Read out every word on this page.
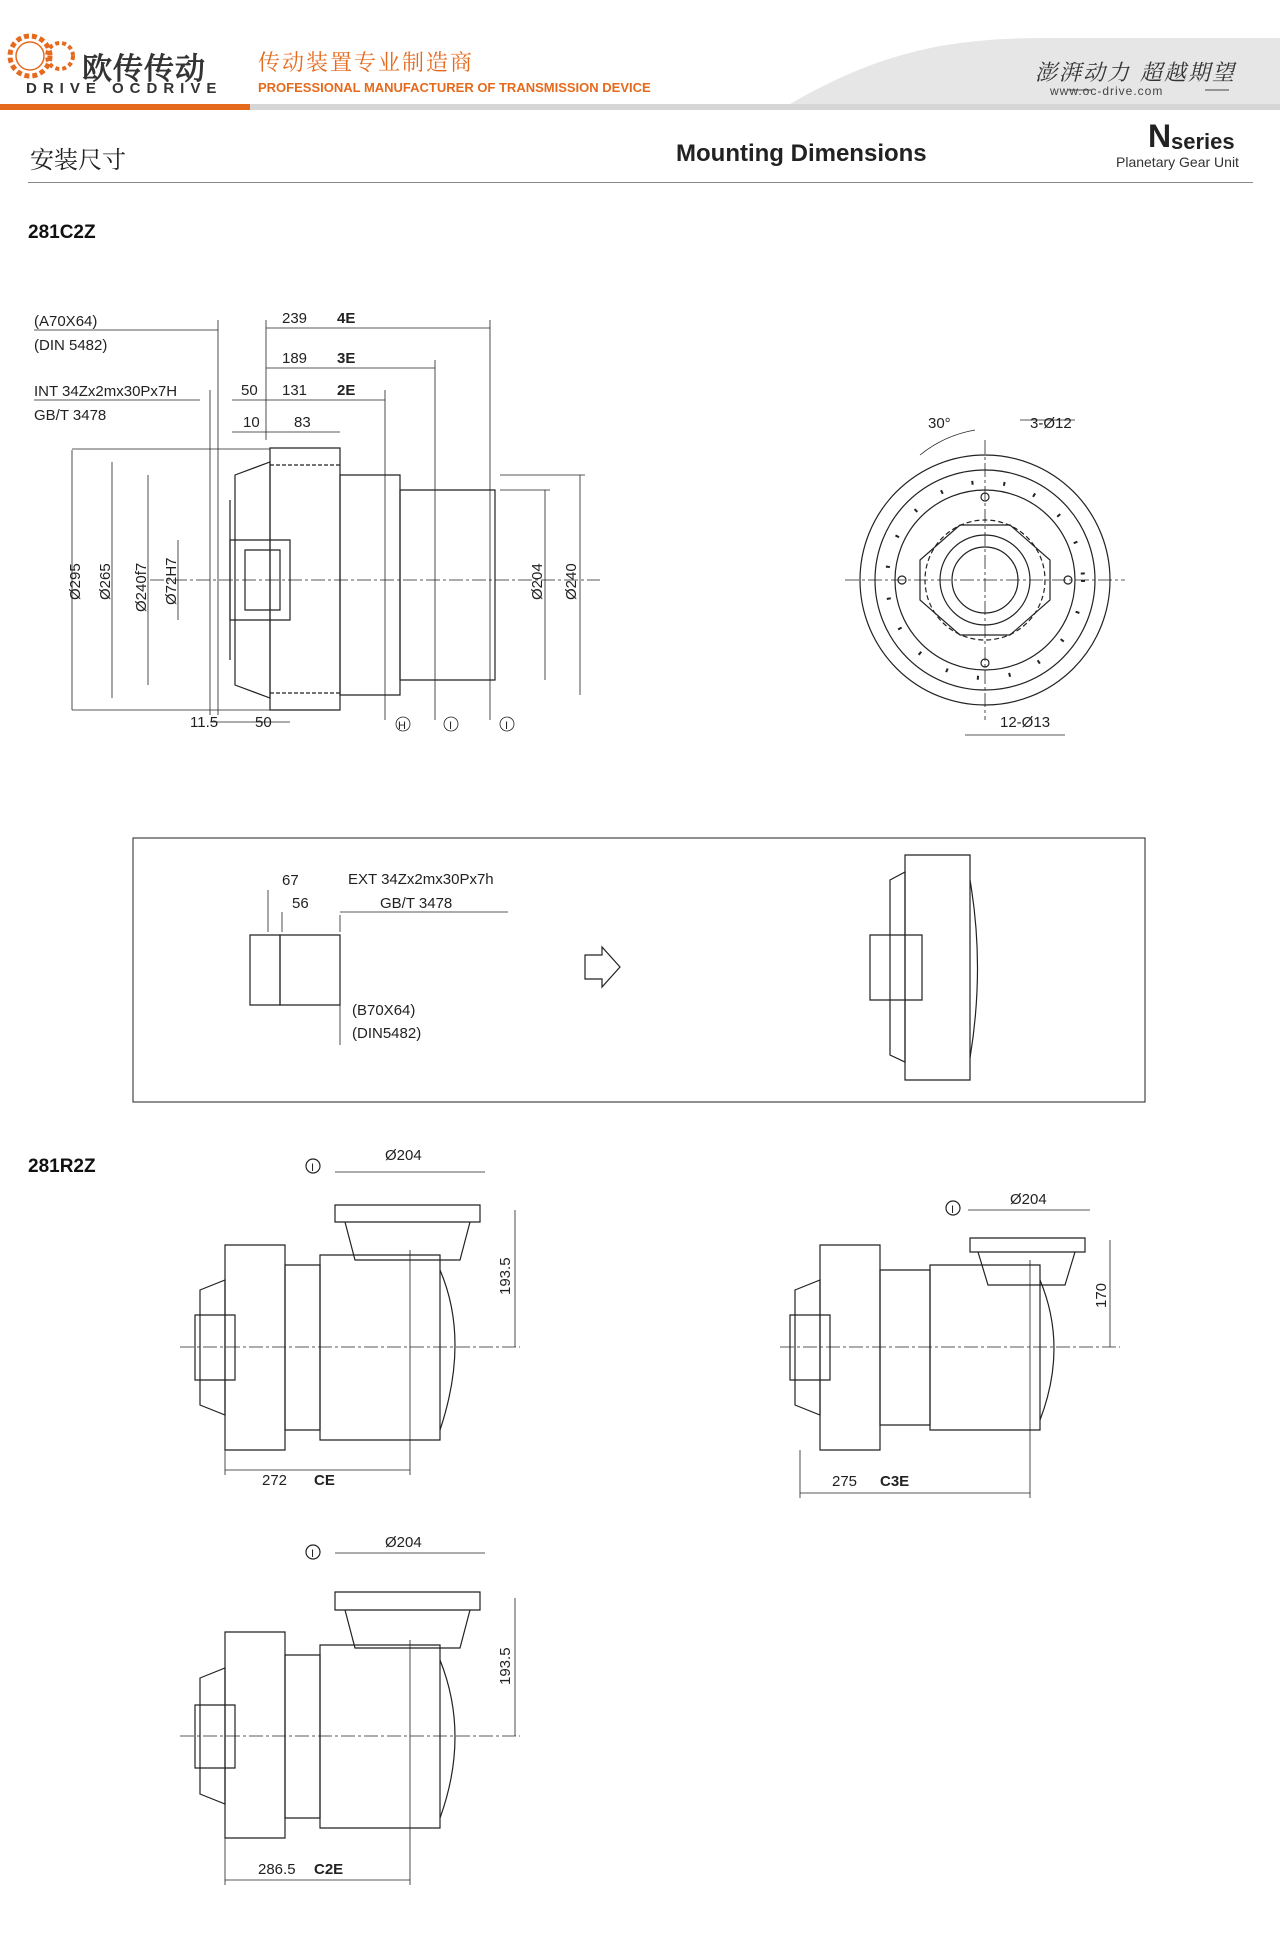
欧传传动
DRIVE OCDRIVE
传动装置专业制造商
PROFESSIONAL MANUFACTURER OF TRANSMISSION DEVICE
澎湃动力 超越期望
www.oc-drive.com
安装尺寸	Mounting Dimensions	N series
Planetary Gear Unit
281C2Z
281R2Z
(A70X64)
(DIN 5482)
INT 34Zx2mx30Px7H
GB/T 3478
239 4E
189 3E
50 131 2E
10 83
11.5 50	H	I	I
Ø295 Ø265 Ø240f7 Ø72H7	Ø204 Ø240
30°	3-Ø12
12-Ø13
67
56
EXT 34Zx2mx30Px7h
GB/T 3478
(B70X64)
(DIN5482)
272 CE
Ø204
193.5
I
275 C3E
Ø204
170
I
286.5 C2E
Ø204
193.5
I
